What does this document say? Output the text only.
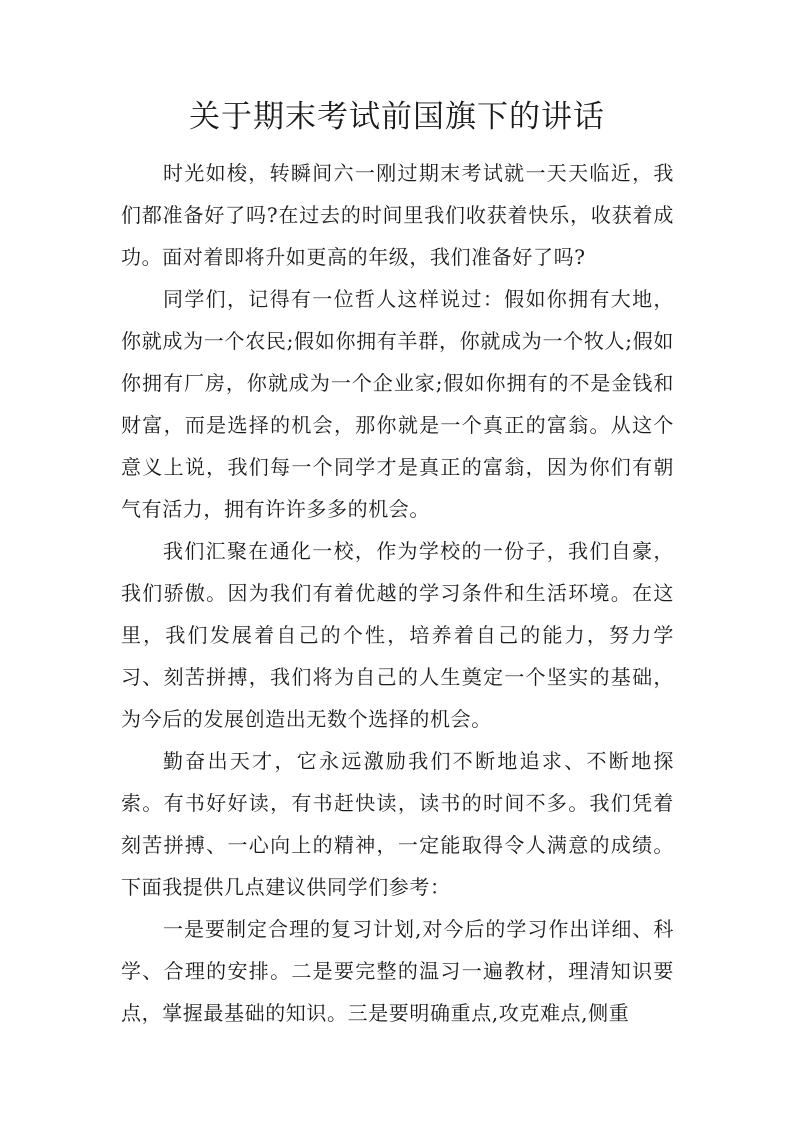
关于期末考试前国旗下的讲话

时光如梭，转瞬间六一刚过期末考试就一天天临近，我们都准备好了吗?在过去的时间里我们收获着快乐，收获着成功。面对着即将升如更高的年级，我们准备好了吗?

同学们，记得有一位哲人这样说过：假如你拥有大地，你就成为一个农民;假如你拥有羊群，你就成为一个牧人;假如你拥有厂房，你就成为一个企业家;假如你拥有的不是金钱和财富，而是选择的机会，那你就是一个真正的富翁。从这个意义上说，我们每一个同学才是真正的富翁，因为你们有朝气有活力，拥有许许多多的机会。

我们汇聚在通化一校，作为学校的一份子，我们自豪，我们骄傲。因为我们有着优越的学习条件和生活环境。在这里，我们发展着自己的个性，培养着自己的能力，努力学习、刻苦拼搏，我们将为自己的人生奠定一个坚实的基础，为今后的发展创造出无数个选择的机会。

勤奋出天才，它永远激励我们不断地追求、不断地探索。有书好好读，有书赶快读，读书的时间不多。我们凭着刻苦拼搏、一心向上的精神，一定能取得令人满意的成绩。下面我提供几点建议供同学们参考：

一是要制定合理的复习计划,对今后的学习作出详细、科学、合理的安排。二是要完整的温习一遍教材，理清知识要点，掌握最基础的知识。三是要明确重点,攻克难点,侧重
